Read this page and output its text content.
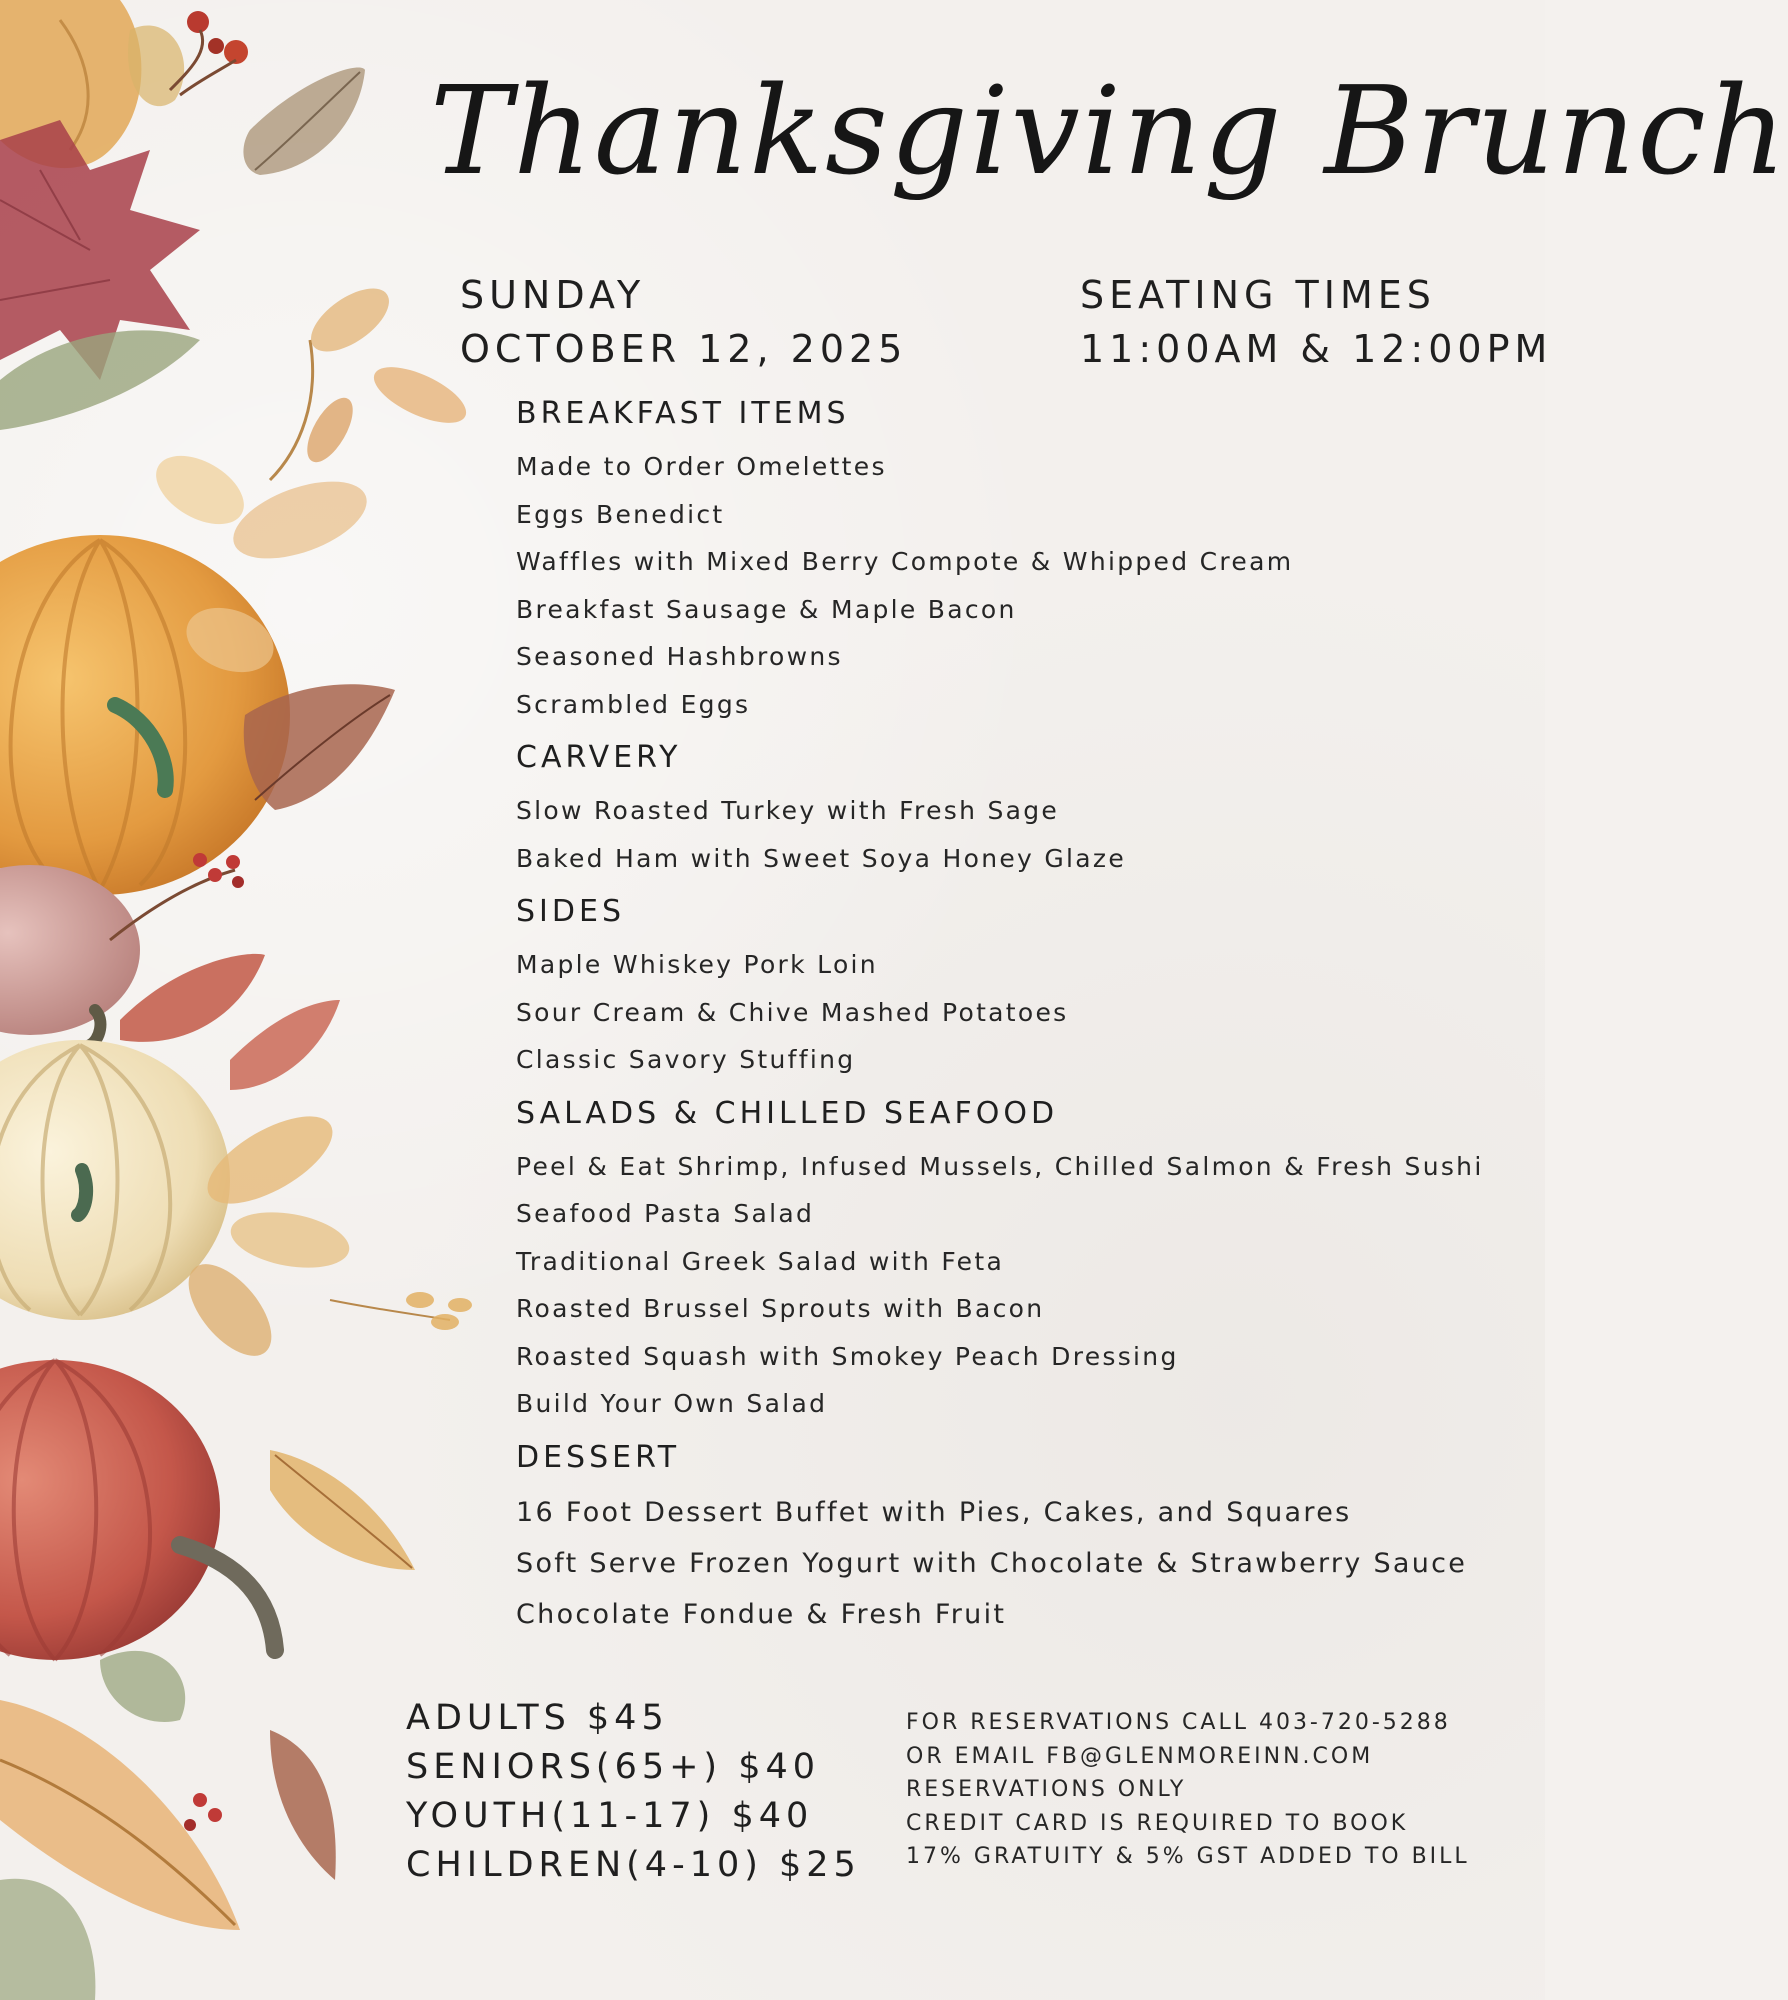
Thanksgiving Brunch
SUNDAY
OCTOBER 12, 2025
SEATING TIMES
11:00AM & 12:00PM
BREAKFAST ITEMS
Made to Order Omelettes
Eggs Benedict
Waffles with Mixed Berry Compote & Whipped Cream
Breakfast Sausage & Maple Bacon
Seasoned Hashbrowns
Scrambled Eggs
CARVERY
Slow Roasted Turkey with Fresh Sage
Baked Ham with Sweet Soya Honey Glaze
SIDES
Maple Whiskey Pork Loin
Sour Cream & Chive Mashed Potatoes
Classic Savory Stuffing
SALADS & CHILLED SEAFOOD
Peel & Eat Shrimp, Infused Mussels, Chilled Salmon & Fresh Sushi
Seafood Pasta Salad
Traditional Greek Salad with Feta
Roasted Brussel Sprouts with Bacon
Roasted Squash with Smokey Peach Dressing
Build Your Own Salad
DESSERT
16 Foot Dessert Buffet with Pies, Cakes, and Squares
Soft Serve Frozen Yogurt with Chocolate & Strawberry Sauce
Chocolate Fondue & Fresh Fruit
ADULTS $45
SENIORS(65+) $40
YOUTH(11-17) $40
CHILDREN(4-10) $25
FOR RESERVATIONS CALL 403-720-5288
OR EMAIL FB@GLENMOREINN.COM
RESERVATIONS ONLY
CREDIT CARD IS REQUIRED TO BOOK
17% GRATUITY & 5% GST ADDED TO BILL
